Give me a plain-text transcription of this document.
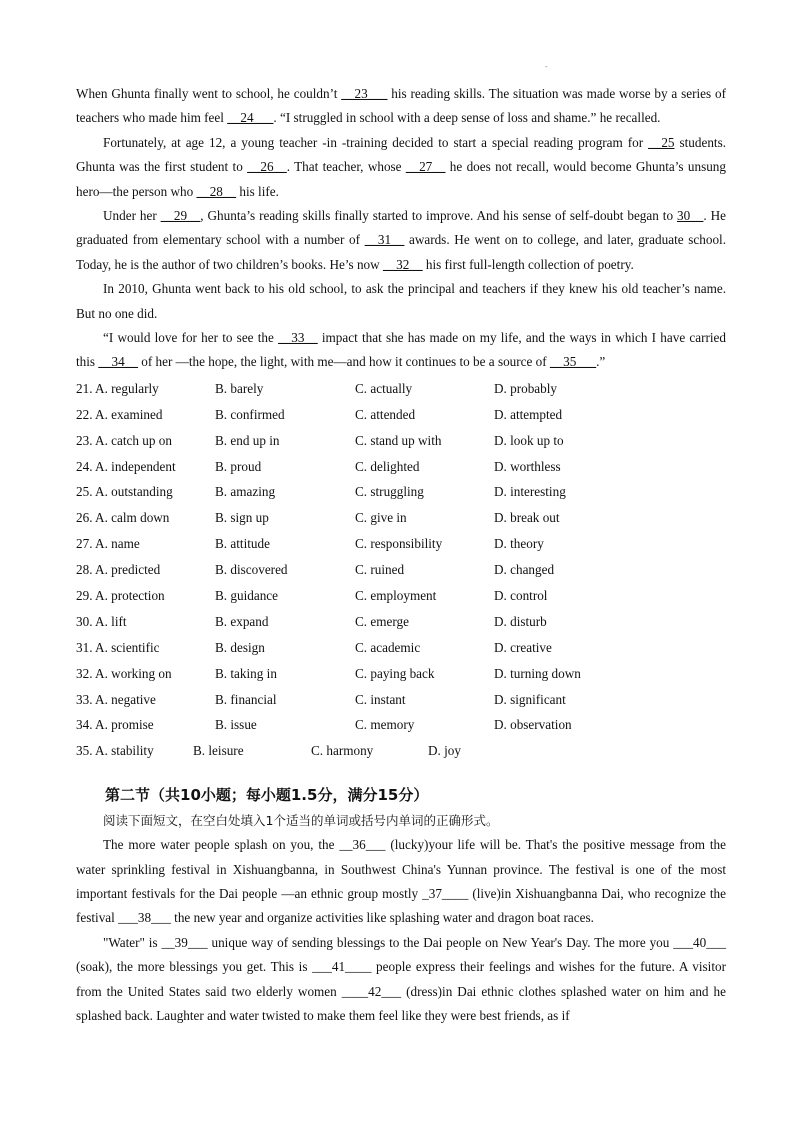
-

When Ghunta finally went to school, he couldn’t __23___ his reading skills. The situation was made worse by a series of teachers who made him feel __24___. “I struggled in school with a deep sense of loss and shame.” he recalled.

Fortunately, at age 12, a young teacher -in -training decided to start a special reading program for __25 students. Ghunta was the first student to __26__. That teacher, whose __27__ he does not recall, would become Ghunta’s unsung hero—the person who __28__ his life.

Under her __29__, Ghunta’s reading skills finally started to improve. And his sense of self-doubt began to 30__. He graduated from elementary school with a number of __31__ awards. He went on to college, and later, graduate school. Today, he is the author of two children’s books. He’s now __32__ his first full-length collection of poetry.

In 2010, Ghunta went back to his old school, to ask the principal and teachers if they knew his old teacher’s name. But no one did.

“I would love for her to see the __33__ impact that she has made on my life, and the ways in which I have carried this __34__ of her —the hope, the light, with me—and how it continues to be a source of __35___.”

21. A. regularly	B. barely	C. actually	D. probably
22. A. examined	B. confirmed	C. attended	D. attempted
23. A. catch up on	B. end up in	C. stand up with	D. look up to
24. A. independent	B. proud	C. delighted	D. worthless
25. A. outstanding	B. amazing	C. struggling	D. interesting
26. A. calm down	B. sign up	C. give in	D. break out
27. A. name	B. attitude	C. responsibility	D. theory
28. A. predicted	B. discovered	C. ruined	D. changed
29. A. protection	B. guidance	C. employment	D. control
30. A. lift	B. expand	C. emerge	D. disturb
31. A. scientific	B. design	C. academic	D. creative
32. A. working on	B. taking in	C. paying back	D. turning down
33. A. negative	B. financial	C. instant	D. significant
34. A. promise	B. issue	C. memory	D. observation
35. A. stability	B. leisure	C. harmony	D. joy
第二节（共10小题；每小题1.5分，满分15分）
阅读下面短文，在空白处填入1个适当的单词或括号内单词的正确形式。

The more water people splash on you, the __36___ (lucky)your life will be. That's the positive message from the water sprinkling festival in Xishuangbanna, in Southwest China's Yunnan province. The festival is one of the most important festivals for the Dai people —an ethnic group mostly _37____ (live)in Xishuangbanna Dai, who recognize the festival ___38___ the new year and organize activities like splashing water and dragon boat races.

"Water" is __39___ unique way of sending blessings to the Dai people on New Year's Day. The more you ___40___ (soak), the more blessings you get. This is ___41____ people express their feelings and wishes for the future. A visitor from the United States said two elderly women ____42___ (dress)in Dai ethnic clothes splashed water on him and he splashed back. Laughter and water twisted to make them feel like they were best friends, as if
